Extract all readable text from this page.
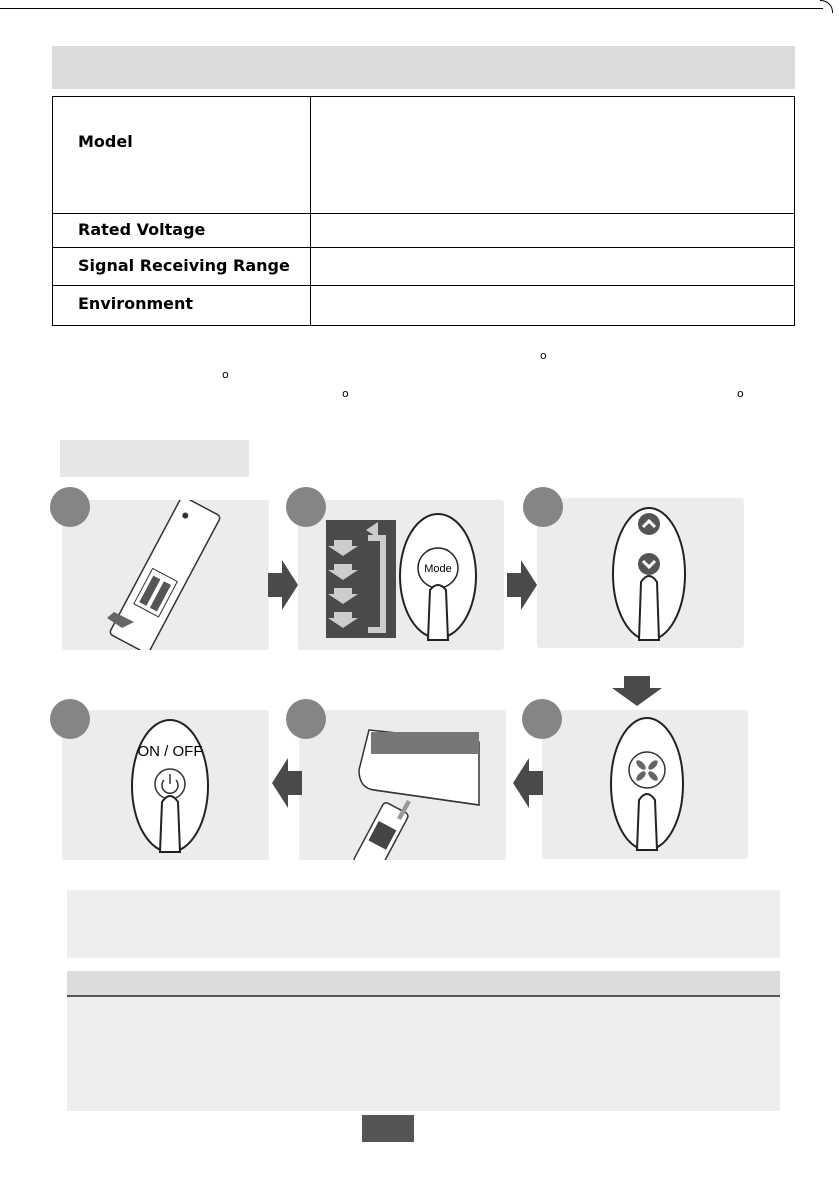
Model
Rated Voltage
Signal Receiving Range
Environment
o
o
o	o
Mode
ON / OFF
